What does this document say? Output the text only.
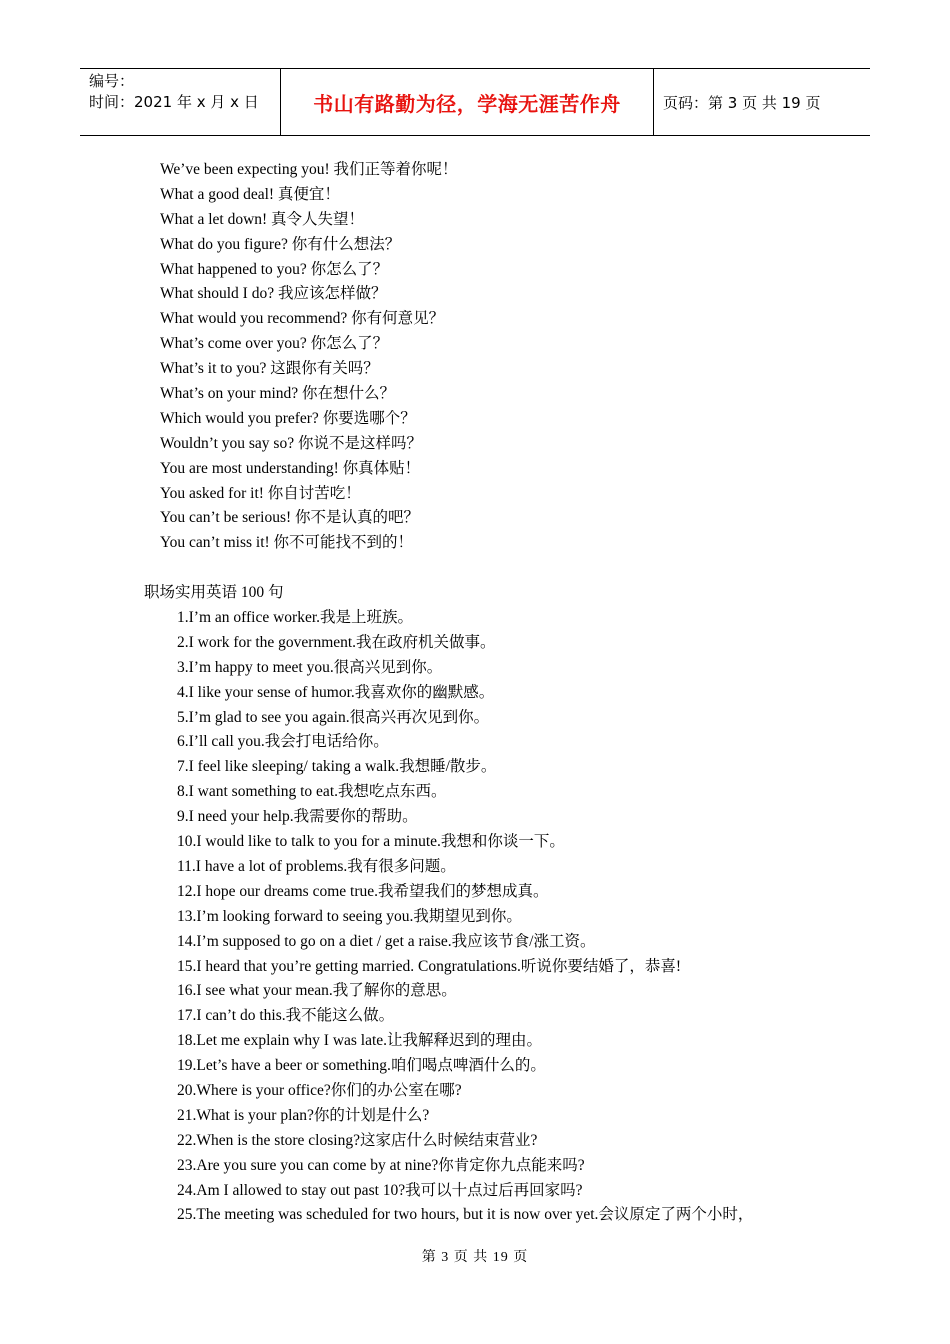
编号：
时间：2021 年 x 月 x 日	书山有路勤为径，学海无涯苦作舟	页码：第 3 页 共 19 页
We’ve been expecting you! 我们正等着你呢！
What a good deal! 真便宜！
What a let down! 真令人失望！
What do you figure? 你有什么想法？
What happened to you? 你怎么了？
What should I do? 我应该怎样做？
What would you recommend? 你有何意见？
What’s come over you? 你怎么了？
What’s it to you? 这跟你有关吗？
What’s on your mind? 你在想什么？
Which would you prefer? 你要选哪个？
Wouldn’t you say so? 你说不是这样吗？
You are most understanding! 你真体贴！
You asked for it! 你自讨苦吃！
You can’t be serious! 你不是认真的吧？
You can’t miss it! 你不可能找不到的！
职场实用英语 100 句
1.I’m an office worker.我是上班族。
2.I work for the government.我在政府机关做事。
3.I’m happy to meet you.很高兴见到你。
4.I like your sense of humor.我喜欢你的幽默感。
5.I’m glad to see you again.很高兴再次见到你。
6.I’ll call you.我会打电话给你。
7.I feel like sleeping/ taking a walk.我想睡/散步。
8.I want something to eat.我想吃点东西。
9.I need your help.我需要你的帮助。
10.I would like to talk to you for a minute.我想和你谈一下。
11.I have a lot of problems.我有很多问题。
12.I hope our dreams come true.我希望我们的梦想成真。
13.I’m looking forward to seeing you.我期望见到你。
14.I’m supposed to go on a diet / get a raise.我应该节食/涨工资。
15.I heard that you’re getting married. Congratulations.听说你要结婚了，恭喜!
16.I see what your mean.我了解你的意思。
17.I can’t do this.我不能这么做。
18.Let me explain why I was late.让我解释迟到的理由。
19.Let’s have a beer or something.咱们喝点啤酒什么的。
20.Where is your office?你们的办公室在哪?
21.What is your plan?你的计划是什么?
22.When is the store closing?这家店什么时候结束营业?
23.Are you sure you can come by at nine?你肯定你九点能来吗?
24.Am I allowed to stay out past 10?我可以十点过后再回家吗?
25.The meeting was scheduled for two hours, but it is now over yet.会议原定了两个小时，
第 3 页 共 19 页
